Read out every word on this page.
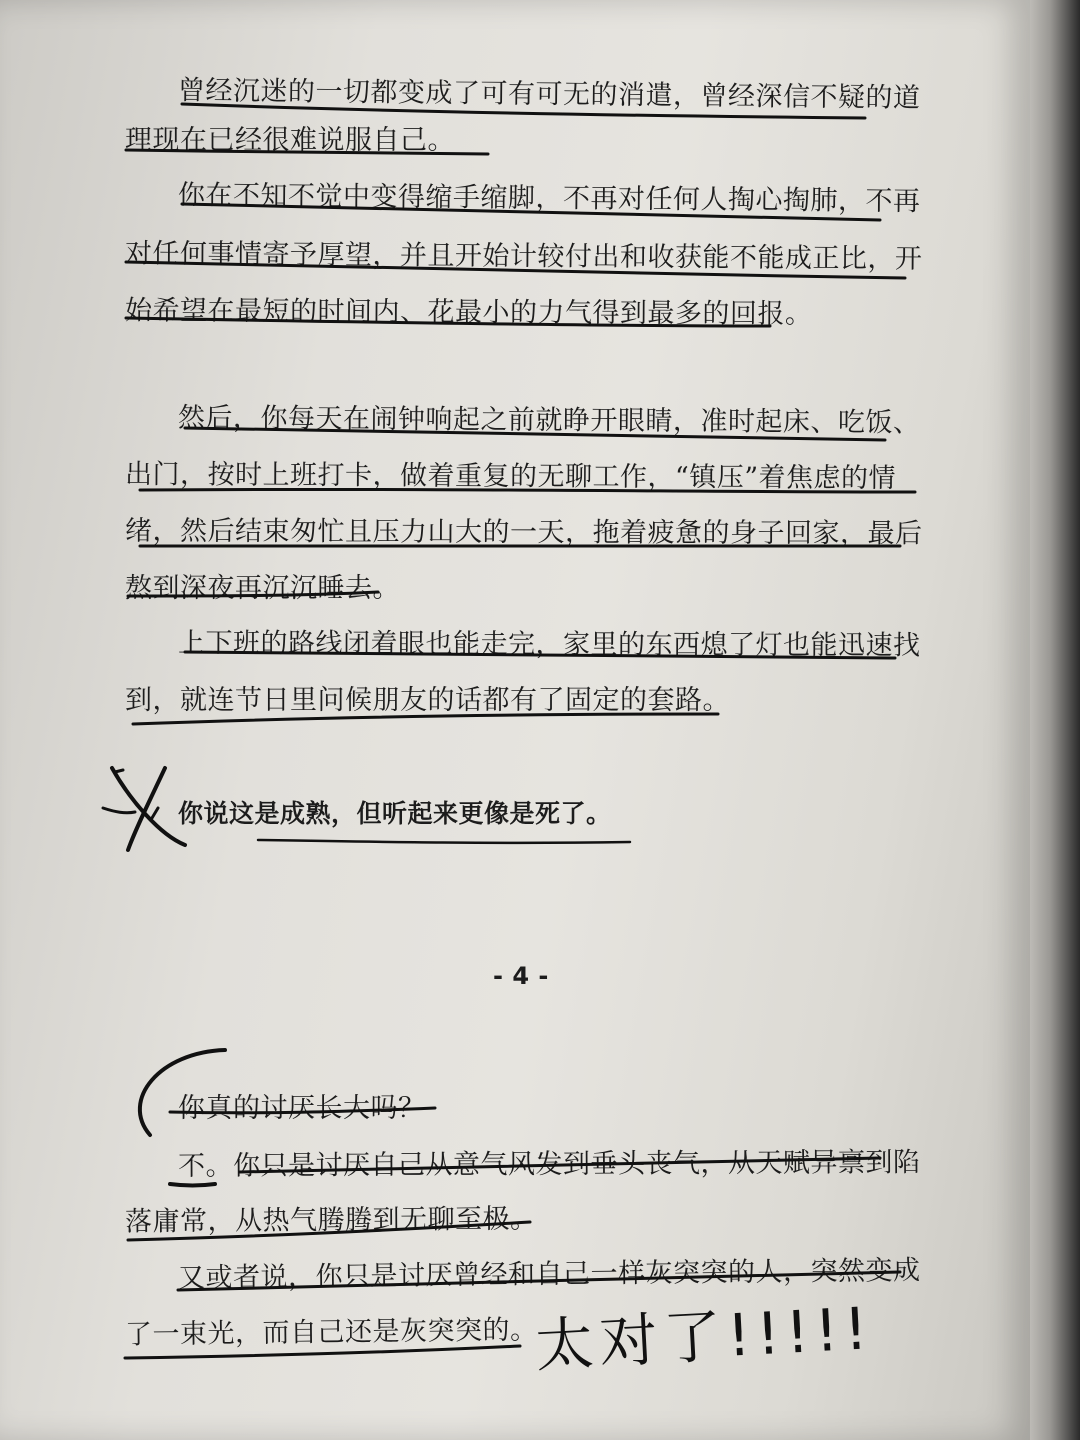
曾经沉迷的一切都变成了可有可无的消遣，曾经深信不疑的道
理现在已经很难说服自己。
你在不知不觉中变得缩手缩脚，不再对任何人掏心掏肺，不再
对任何事情寄予厚望，并且开始计较付出和收获能不能成正比，开
始希望在最短的时间内、花最小的力气得到最多的回报。
然后，你每天在闹钟响起之前就睁开眼睛，准时起床、吃饭、
出门，按时上班打卡，做着重复的无聊工作，“镇压”着焦虑的情
绪，然后结束匆忙且压力山大的一天，拖着疲惫的身子回家，最后
熬到深夜再沉沉睡去。
上下班的路线闭着眼也能走完，家里的东西熄了灯也能迅速找
到，就连节日里问候朋友的话都有了固定的套路。
你说这是成熟，但听起来更像是死了。
- 4 -
你真的讨厌长大吗？
不。你只是讨厌自己从意气风发到垂头丧气，从天赋异禀到陷
落庸常，从热气腾腾到无聊至极。
又或者说，你只是讨厌曾经和自己一样灰突突的人，突然变成
了一束光，而自己还是灰突突的。
太对了!!!!!
